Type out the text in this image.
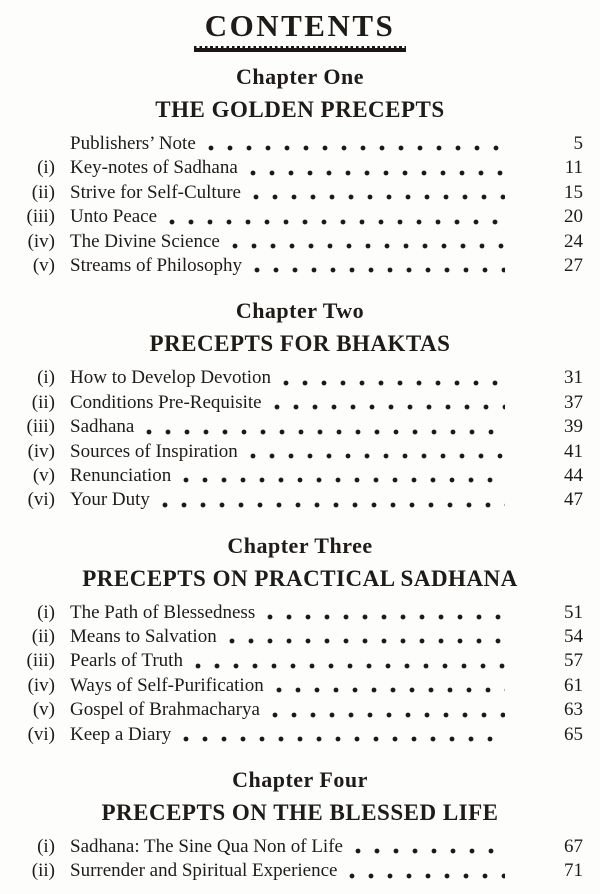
CONTENTS
Chapter One
THE GOLDEN PRECEPTS
Publishers’ Note	5
(i) Key-notes of Sadhana	11
(ii) Strive for Self-Culture	15
(iii) Unto Peace	20
(iv) The Divine Science	24
(v) Streams of Philosophy	27
Chapter Two
PRECEPTS FOR BHAKTAS
(i) How to Develop Devotion	31
(ii) Conditions Pre-Requisite	37
(iii) Sadhana	39
(iv) Sources of Inspiration	41
(v) Renunciation	44
(vi) Your Duty	47
Chapter Three
PRECEPTS ON PRACTICAL SADHANA
(i) The Path of Blessedness	51
(ii) Means to Salvation	54
(iii) Pearls of Truth	57
(iv) Ways of Self-Purification	61
(v) Gospel of Brahmacharya	63
(vi) Keep a Diary	65
Chapter Four
PRECEPTS ON THE BLESSED LIFE
(i) Sadhana: The Sine Qua Non of Life	67
(ii) Surrender and Spiritual Experience	71
